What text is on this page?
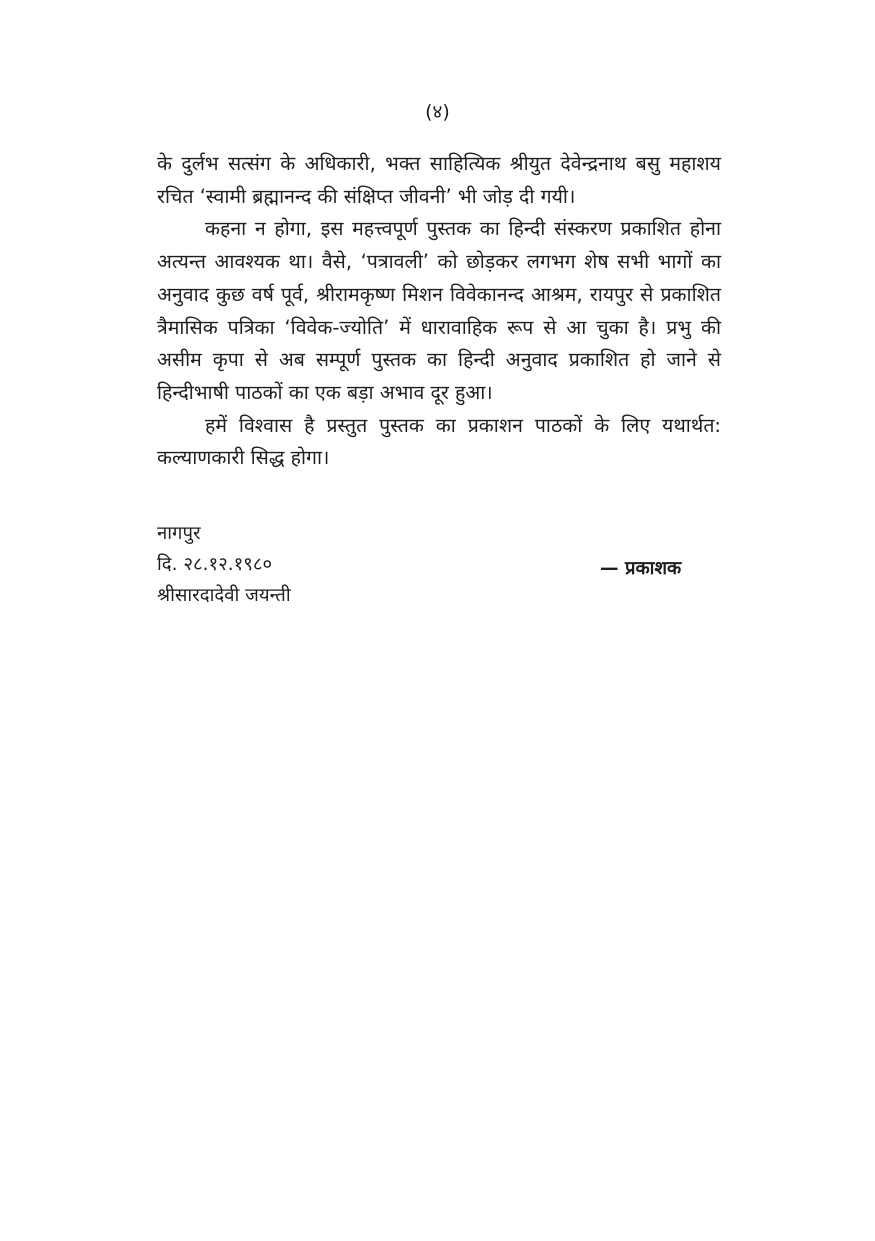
(४)

के दुर्लभ सत्संग के अधिकारी, भक्त साहित्यिक श्रीयुत देवेन्द्रनाथ बसु महाशय रचित ‘स्वामी ब्रह्मानन्द की संक्षिप्त जीवनी’ भी जोड़ दी गयी।

कहना न होगा, इस महत्त्वपूर्ण पुस्तक का हिन्दी संस्करण प्रकाशित होना अत्यन्त आवश्यक था। वैसे, ‘पत्रावली’ को छोड़कर लगभग शेष सभी भागों का अनुवाद कुछ वर्ष पूर्व, श्रीरामकृष्ण मिशन विवेकानन्द आश्रम, रायपुर से प्रकाशित त्रैमासिक पत्रिका ‘विवेक-ज्योति’ में धारावाहिक रूप से आ चुका है। प्रभु की असीम कृपा से अब सम्पूर्ण पुस्तक का हिन्दी अनुवाद प्रकाशित हो जाने से हिन्दीभाषी पाठकों का एक बड़ा अभाव दूर हुआ।

हमें विश्वास है प्रस्तुत पुस्तक का प्रकाशन पाठकों के लिए यथार्थत: कल्याणकारी सिद्ध होगा।

नागपुर
दि. २८.१२.१९८०
श्रीसारदादेवी जयन्ती
— प्रकाशक
